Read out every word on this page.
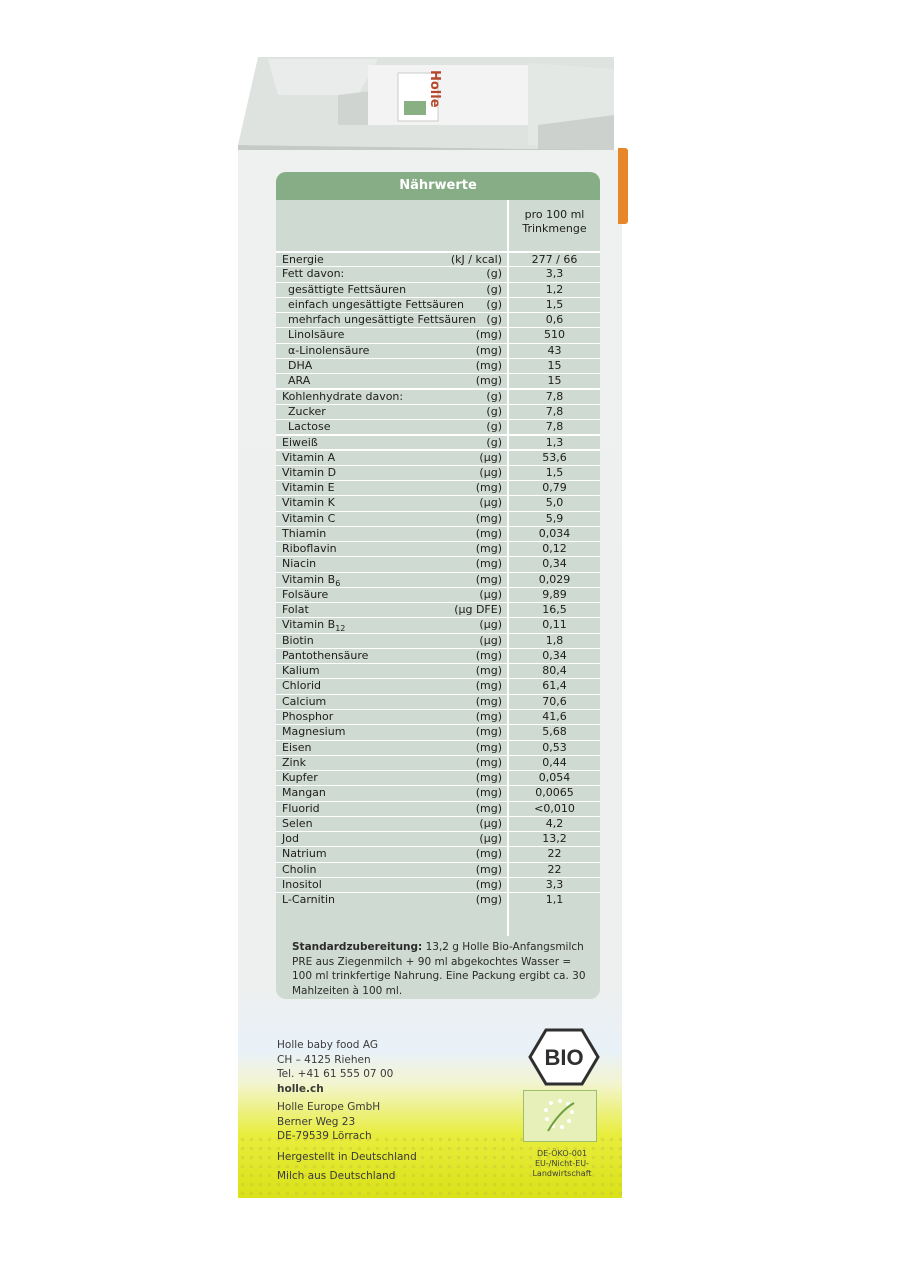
Holle
Nährwerte
pro 100 ml
Trinkmenge
Energie	(kJ / kcal)	277 / 66
Fett davon:	(g)	3,3
gesättigte Fettsäuren	(g)	1,2
einfach ungesättigte Fettsäuren (g)	1,5
mehrfach ungesättigte Fettsäuren (g)	0,6
Linolsäure	(mg)	510
α-Linolensäure	(mg)	43
DHA	(mg)	15
ARA	(mg)	15
Kohlenhydrate davon:	(g)	7,8
Zucker	(g)	7,8
Lactose	(g)	7,8
Eiweiß	(g)	1,3
Vitamin A	(µg)	53,6
Vitamin D	(µg)	1,5
Vitamin E	(mg)	0,79
Vitamin K	(µg)	5,0
Vitamin C	(mg)	5,9
Thiamin	(mg)	0,034
Riboflavin	(mg)	0,12
Niacin	(mg)	0,34
Vitamin $B_6$	(mg)	0,029
Folsäure	(µg)	9,89
Folat	(µg DFE)	16,5
Vitamin $B_{12}$	(µg)	0,11
Biotin	(µg)	1,8
Pantothensäure	(mg)	0,34
Kalium	(mg)	80,4
Chlorid	(mg)	61,4
Calcium	(mg)	70,6
Phosphor	(mg)	41,6
Magnesium	(mg)	5,68
Eisen	(mg)	0,53
Zink	(mg)	0,44
Kupfer	(mg)	0,054
Mangan	(mg)	0,0065
Fluorid	(mg)	<0,010
Selen	(µg)	4,2
Jod	(µg)	13,2
Natrium	(mg)	22
Cholin	(mg)	22
Inositol	(mg)	3,3
L-Carnitin	(mg)	1,1
Standardzubereitung: 13,2 g Holle Bio-Anfangsmilch PRE aus Ziegenmilch + 90 ml abgekochtes Wasser = 100 ml trinkfertige Nahrung. Eine Packung ergibt ca. 30 Mahlzeiten à 100 ml.
Holle baby food AG
CH – 4125 Riehen
Tel. +41 61 555 07 00
holle.ch
Holle Europe GmbH
Berner Weg 23
DE-79539 Lörrach
Hergestellt in Deutschland
Milch aus Deutschland
BIO
DE-ÖKO-001
EU-/Nicht-EU-
Landwirtschaft
